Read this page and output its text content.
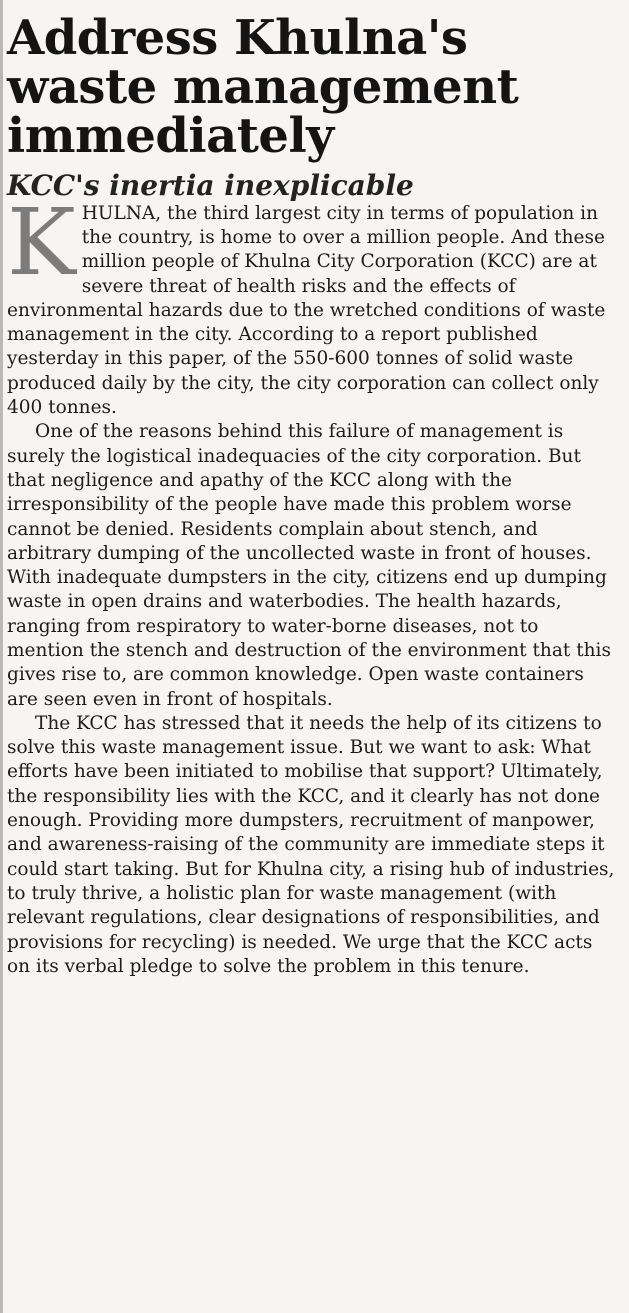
Address Khulna's waste management immediately
KCC's inertia inexplicable

KHULNA, the third largest city in terms of population in the country, is home to over a million people. And these million people of Khulna City Corporation (KCC) are at severe threat of health risks and the effects of environmental hazards due to the wretched conditions of waste management in the city. According to a report published yesterday in this paper, of the 550-600 tonnes of solid waste produced daily by the city, the city corporation can collect only 400 tonnes.

One of the reasons behind this failure of management is surely the logistical inadequacies of the city corporation. But that negligence and apathy of the KCC along with the irresponsibility of the people have made this problem worse cannot be denied. Residents complain about stench, and arbitrary dumping of the uncollected waste in front of houses. With inadequate dumpsters in the city, citizens end up dumping waste in open drains and waterbodies. The health hazards, ranging from respiratory to water-borne diseases, not to mention the stench and destruction of the environment that this gives rise to, are common knowledge. Open waste containers are seen even in front of hospitals.

The KCC has stressed that it needs the help of its citizens to solve this waste management issue. But we want to ask: What efforts have been initiated to mobilise that support? Ultimately, the responsibility lies with the KCC, and it clearly has not done enough. Providing more dumpsters, recruitment of manpower, and awareness-raising of the community are immediate steps it could start taking. But for Khulna city, a rising hub of industries, to truly thrive, a holistic plan for waste management (with relevant regulations, clear designations of responsibilities, and provisions for recycling) is needed. We urge that the KCC acts on its verbal pledge to solve the problem in this tenure.
